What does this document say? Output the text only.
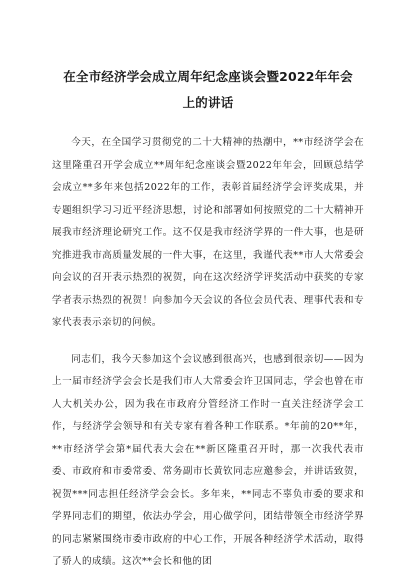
在全市经济学会成立周年纪念座谈会暨2022年年会上的讲话

今天，在全国学习贯彻党的二十大精神的热潮中，**市经济学会在这里隆重召开学会成立**周年纪念座谈会暨2022年年会，回顾总结学会成立**多年来包括2022年的工作，表彰首届经济学会评奖成果，并专题组织学习习近平经济思想，讨论和部署如何按照党的二十大精神开展我市经济理论研究工作。这不仅是我市经济学界的一件大事，也是研究推进我市高质量发展的一件大事，在这里，我谨代表**市人大常委会向会议的召开表示热烈的祝贺，向在这次经济学评奖活动中获奖的专家学者表示热烈的祝贺！向参加今天会议的各位会员代表、理事代表和专家代表表示亲切的问候。

同志们，我今天参加这个会议感到很高兴，也感到很亲切——因为上一届市经济学会会长是我们市人大常委会许卫国同志，学会也曾在市人大机关办公，因为我在市政府分管经济工作时一直关注经济学会工作，与经济学会领导和有关专家有着各种工作联系。*年前的20**年，**市经济学会第*届代表大会在**新区隆重召开时，那一次我代表市委、市政府和市委常委、常务副市长黄钦同志应邀参会，并讲话致贺，祝贺***同志担任经济学会会长。多年来，**同志不辜负市委的要求和学界同志们的期望，依法办学会，用心做学问，团结带领全市经济学界的同志紧紧围绕市委市政府的中心工作，开展各种经济学术活动，取得了骄人的成绩。这次**会长和他的团
